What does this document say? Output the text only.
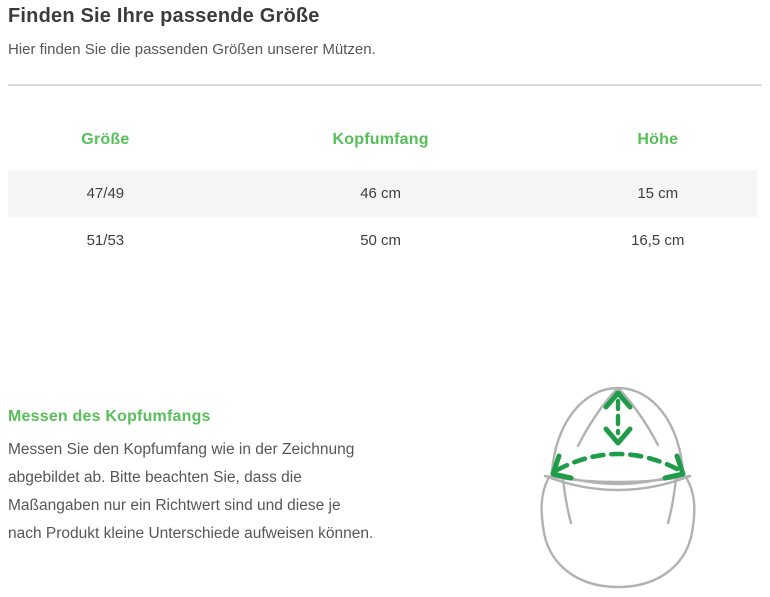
Finden Sie Ihre passende Größe

Hier finden Sie die passenden Größen unserer Mützen.

Größe	Kopfumfang	Höhe
47/49	46 cm	15 cm
51/53	50 cm	16,5 cm
Messen des Kopfumfangs

Messen Sie den Kopfumfang wie in der Zeichnung abgebildet ab. Bitte beachten Sie, dass die Maßangaben nur ein Richtwert sind und diese je nach Produkt kleine Unterschiede aufweisen können.
